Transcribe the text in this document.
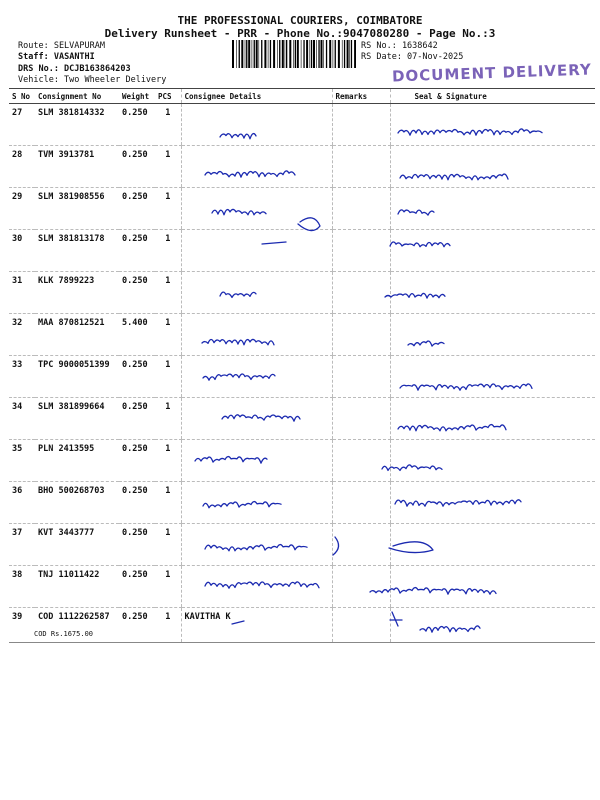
THE PROFESSIONAL COURIERS, COIMBATORE
Delivery Runsheet - PRR - Phone No.:9047080280 - Page No.:3
Route: SELVAPURAM
Staff: VASANTHI
DRS No.: DCJB163864203
Vehicle: Two Wheeler Delivery
RS No.: 1638642
RS Date: 07-Nov-2025
DOCUMENT DELIVERY
S No	Consignment No	Weight	PCS	Consignee Details	Remarks	Seal & Signature
27	SLM 381814332	0.250	1			
28	TVM 3913781	0.250	1			
29	SLM 381908556	0.250	1			
30	SLM 381813178	0.250	1			
31	KLK 7899223	0.250	1			
32	MAA 870812521	5.400	1			
33	TPC 9000051399	0.250	1			
34	SLM 381899664	0.250	1			
35	PLN 2413595	0.250	1			
36	BHO 500268703	0.250	1			
37	KVT 3443777	0.250	1			
38	TNJ 11011422	0.250	1			
39	COD 1112262587	0.250	1	KAVITHA K		
COD Rs.1675.00
